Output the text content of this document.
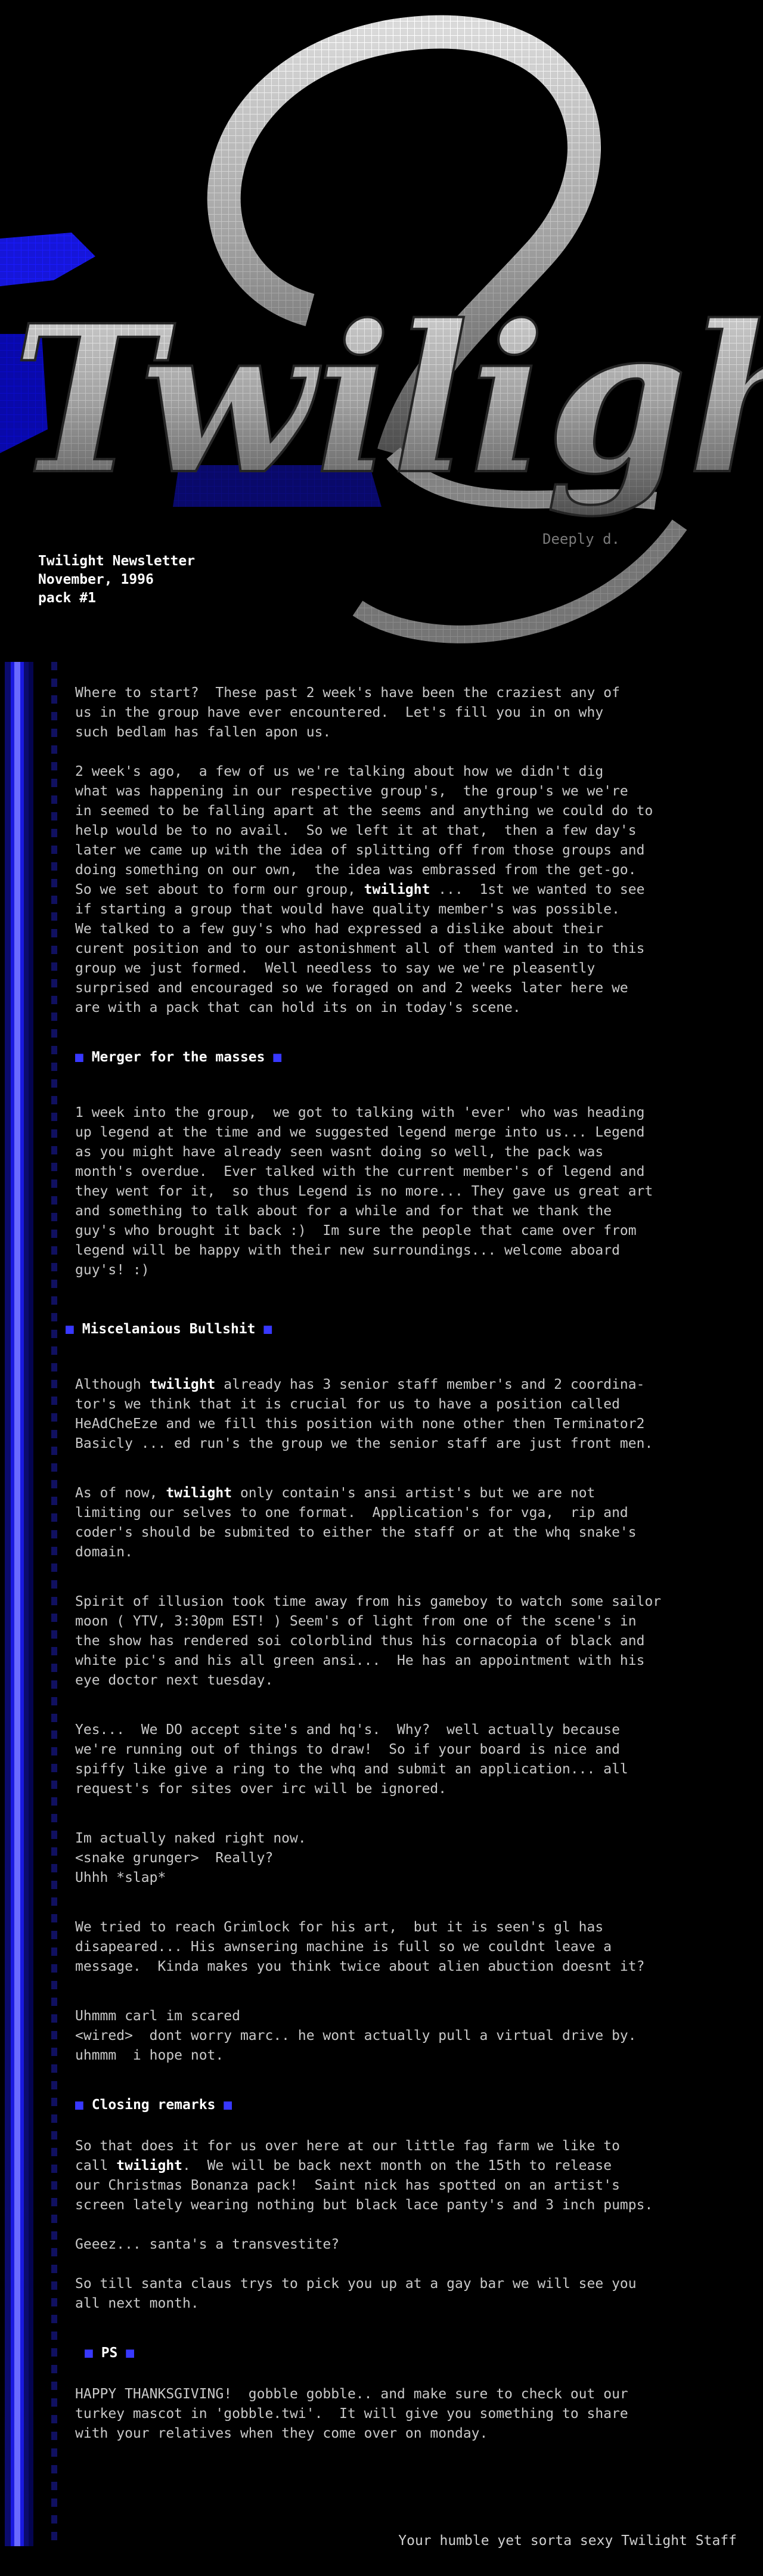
Deeply d.
Twilight Newsletter
November, 1996
pack #1

Where to start?  These past 2 week's have been the craziest any of
us in the group have ever encountered.  Let's fill you in on why
such bedlam has fallen apon us.

2 week's ago,  a few of us we're talking about how we didn't dig
what was happening in our respective group's,  the group's we we're
in seemed to be falling apart at the seems and anything we could do to
help would be to no avail.  So we left it at that,  then a few day's
later we came up with the idea of splitting off from those groups and
doing something on our own,  the idea was embrassed from the get-go.
So we set about to form our group, twilight ...  1st we wanted to see
if starting a group that would have quality member's was possible.
We talked to a few guy's who had expressed a dislike about their
curent position and to our astonishment all of them wanted in to this
group we just formed.  Well needless to say we we're pleasently
surprised and encouraged so we foraged on and 2 weeks later here we
are with a pack that can hold its on in today's scene.

■ Merger for the masses ■

1 week into the group,  we got to talking with 'ever' who was heading
up legend at the time and we suggested legend merge into us... Legend
as you might have already seen wasnt doing so well, the pack was
month's overdue.  Ever talked with the current member's of legend and
they went for it,  so thus Legend is no more... They gave us great art
and something to talk about for a while and for that we thank the
guy's who brought it back :)  Im sure the people that came over from
legend will be happy with their new surroundings... welcome aboard
guy's! :)

■ Miscelanious Bullshit ■

Although twilight already has 3 senior staff member's and 2 coordina-
tor's we think that it is crucial for us to have a position called
HeAdCheEze and we fill this position with none other then Terminator2
Basicly ... ed run's the group we the senior staff are just front men.

As of now, twilight only contain's ansi artist's but we are not
limiting our selves to one format.  Application's for vga,  rip and
coder's should be submited to either the staff or at the whq snake's
domain.

Spirit of illusion took time away from his gameboy to watch some sailor
moon ( YTV, 3:30pm EST! ) Seem's of light from one of the scene's in
the show has rendered soi colorblind thus his cornacopia of black and
white pic's and his all green ansi...  He has an appointment with his
eye doctor next tuesday.

Yes...  We DO accept site's and hq's.  Why?  well actually because
we're running out of things to draw!  So if your board is nice and
spiffy like give a ring to the whq and submit an application... all
request's for sites over irc will be ignored.

Im actually naked right now.
<snake grunger>  Really?
Uhhh *slap*

We tried to reach Grimlock for his art,  but it is seen's gl has
disapeared... His awnsering machine is full so we couldnt leave a
message.  Kinda makes you think twice about alien abuction doesnt it?

Uhmmm carl im scared
<wired>  dont worry marc.. he wont actually pull a virtual drive by.
uhmmm  i hope not.

■ Closing remarks ■

So that does it for us over here at our little fag farm we like to
call twilight.  We will be back next month on the 15th to release
our Christmas Bonanza pack!  Saint nick has spotted on an artist's
screen lately wearing nothing but black lace panty's and 3 inch pumps.

Geeez... santa's a transvestite?

So till santa claus trys to pick you up at a gay bar we will see you
all next month.

■ PS ■

HAPPY THANKSGIVING!  gobble gobble.. and make sure to check out our
turkey mascot in 'gobble.twi'.  It will give you something to share
with your relatives when they come over on monday.

Your humble yet sorta sexy Twilight Staff
